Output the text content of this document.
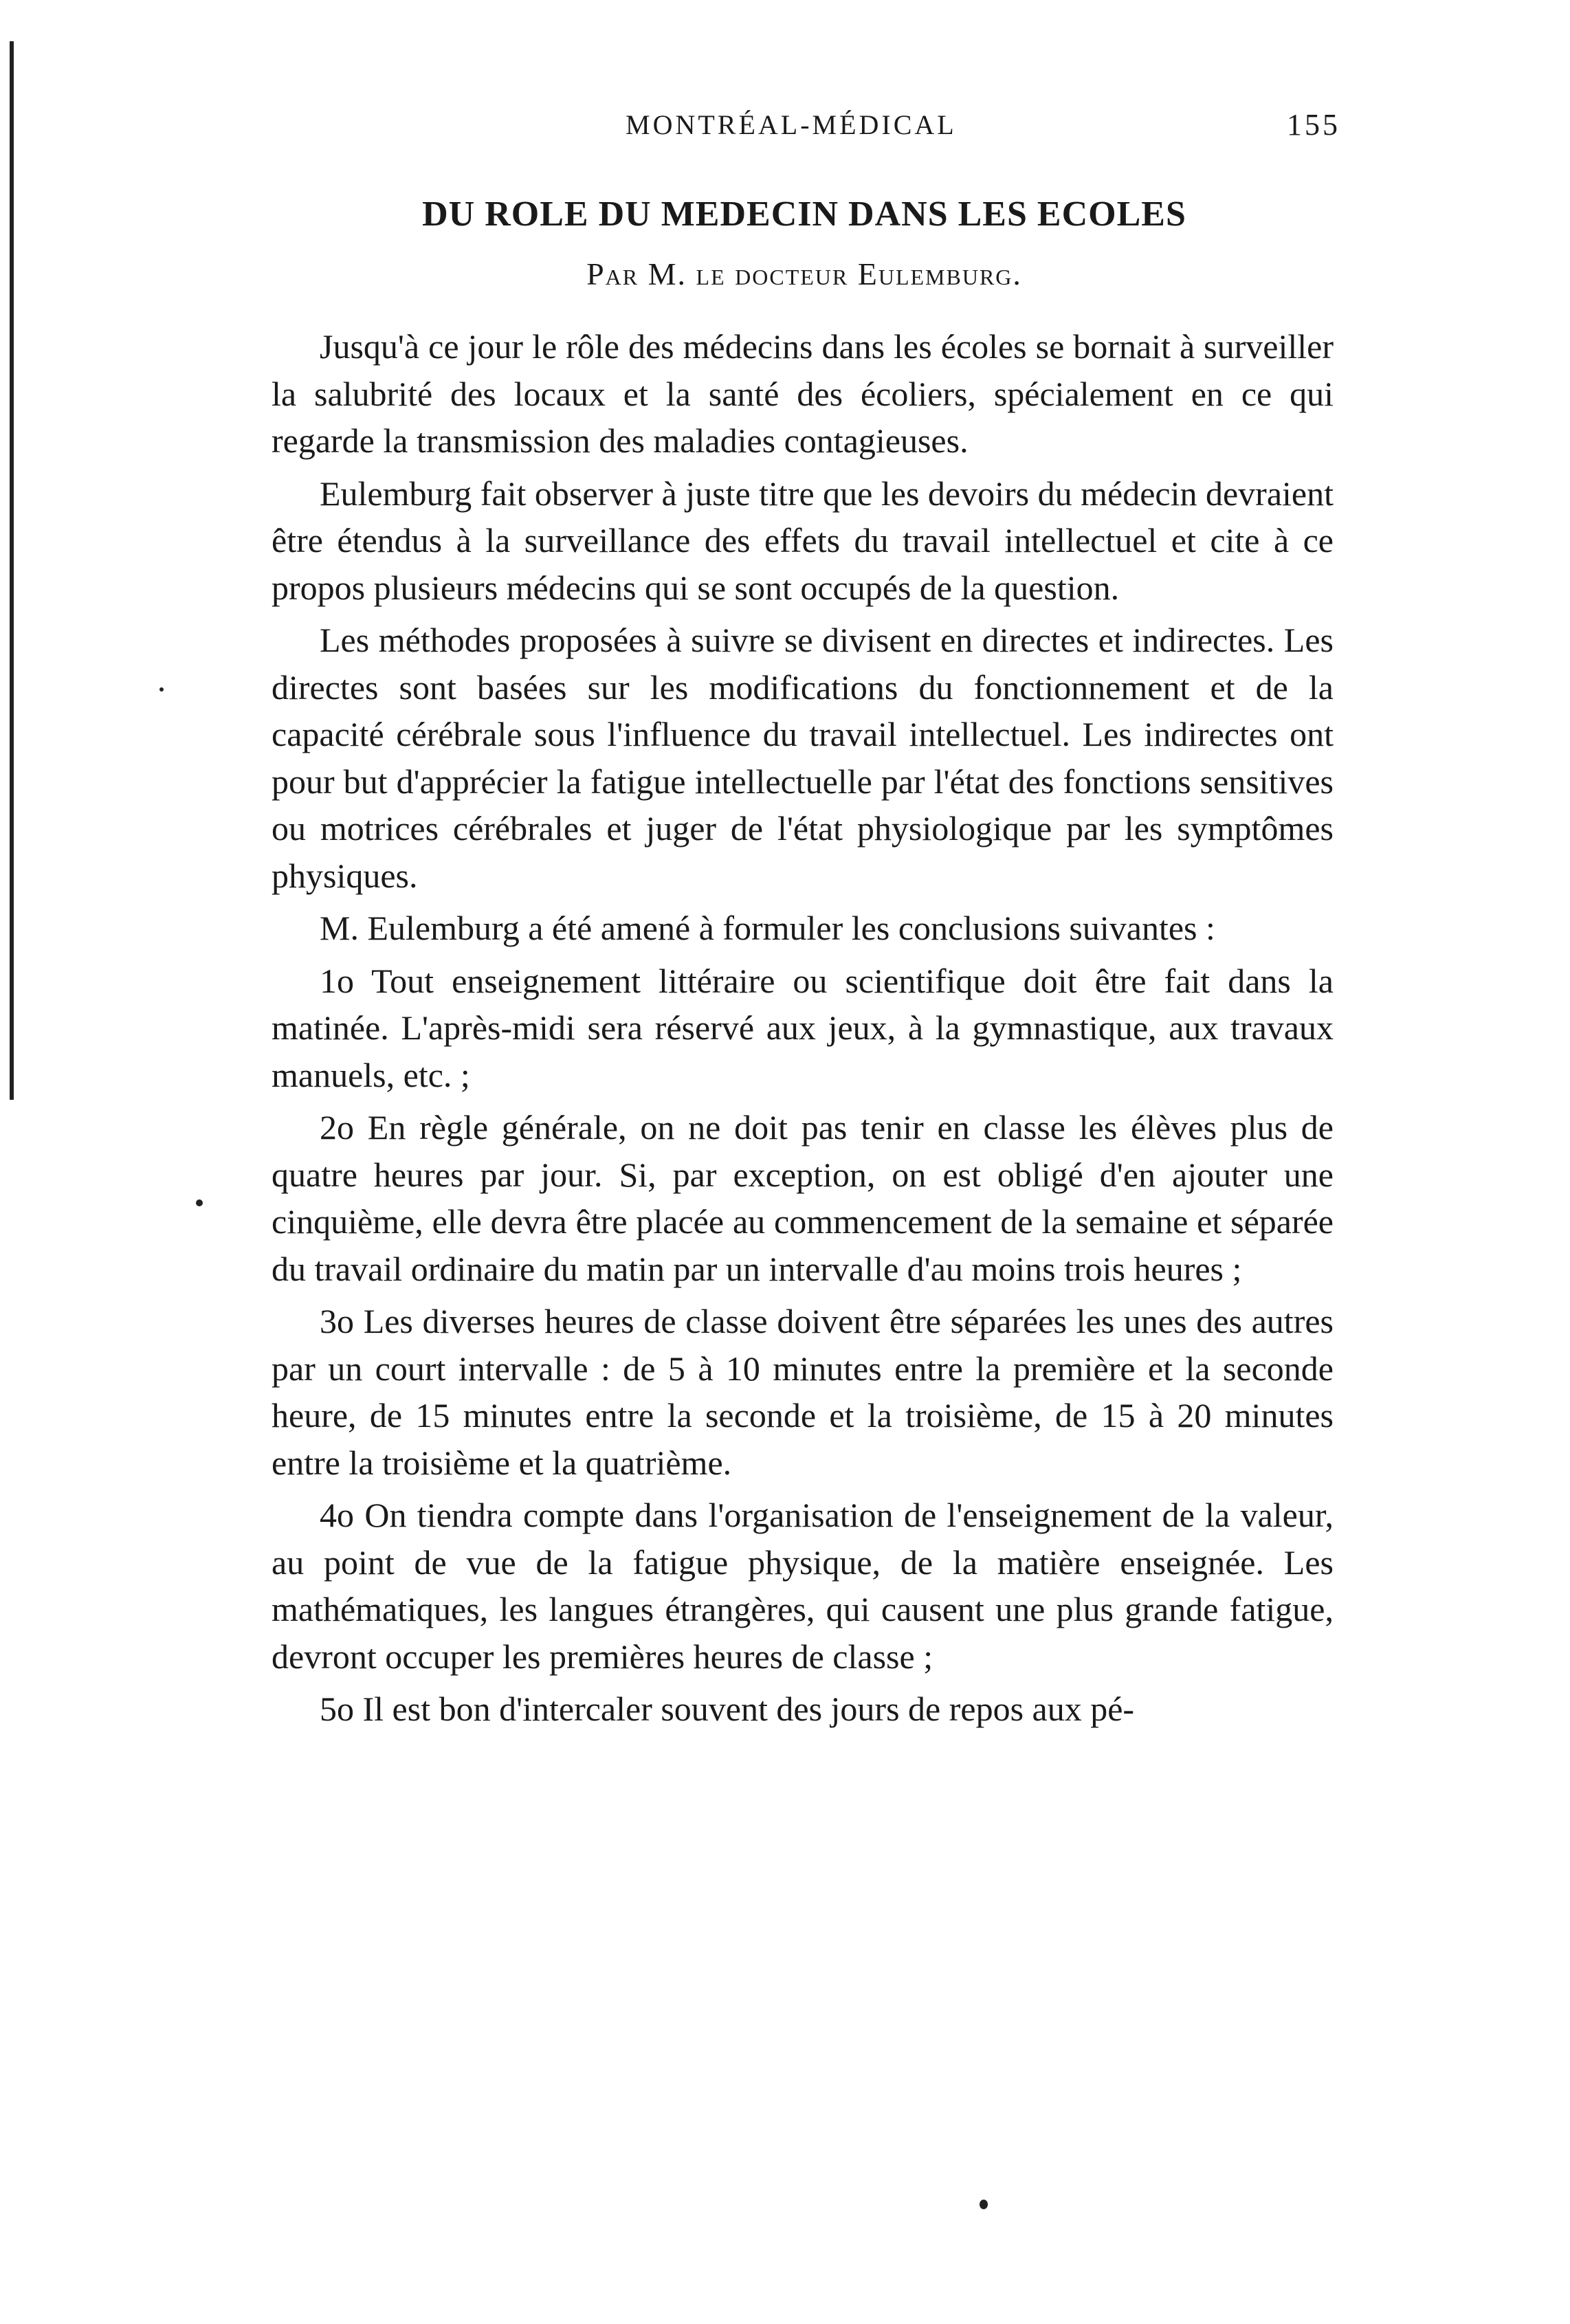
MONTRÉAL-MÉDICAL	155
DU ROLE DU MEDECIN DANS LES ECOLES
Par M. le docteur Eulemburg.

Jusqu'à ce jour le rôle des médecins dans les écoles se bornait à surveiller la salubrité des locaux et la santé des écoliers, spécialement en ce qui regarde la transmission des maladies contagieuses.

Eulemburg fait observer à juste titre que les devoirs du médecin devraient être étendus à la surveillance des effets du travail intellectuel et cite à ce propos plusieurs médecins qui se sont occupés de la question.

Les méthodes proposées à suivre se divisent en directes et indirectes. Les directes sont basées sur les modifications du fonctionnement et de la capacité cérébrale sous l'influence du travail intellectuel. Les indirectes ont pour but d'apprécier la fatigue intellectuelle par l'état des fonctions sensitives ou motrices cérébrales et juger de l'état physiologique par les symptômes physiques.

M. Eulemburg a été amené à formuler les conclusions suivantes :

1o Tout enseignement littéraire ou scientifique doit être fait dans la matinée. L'après-midi sera réservé aux jeux, à la gymnastique, aux travaux manuels, etc. ;

2o En règle générale, on ne doit pas tenir en classe les élèves plus de quatre heures par jour. Si, par exception, on est obligé d'en ajouter une cinquième, elle devra être placée au commencement de la semaine et séparée du travail ordinaire du matin par un intervalle d'au moins trois heures ;

3o Les diverses heures de classe doivent être séparées les unes des autres par un court intervalle : de 5 à 10 minutes entre la première et la seconde heure, de 15 minutes entre la seconde et la troisième, de 15 à 20 minutes entre la troisième et la quatrième.

4o On tiendra compte dans l'organisation de l'enseignement de la valeur, au point de vue de la fatigue physique, de la matière enseignée. Les mathématiques, les langues étrangères, qui causent une plus grande fatigue, devront occuper les premières heures de classe ;

5o Il est bon d'intercaler souvent des jours de repos aux pé-
